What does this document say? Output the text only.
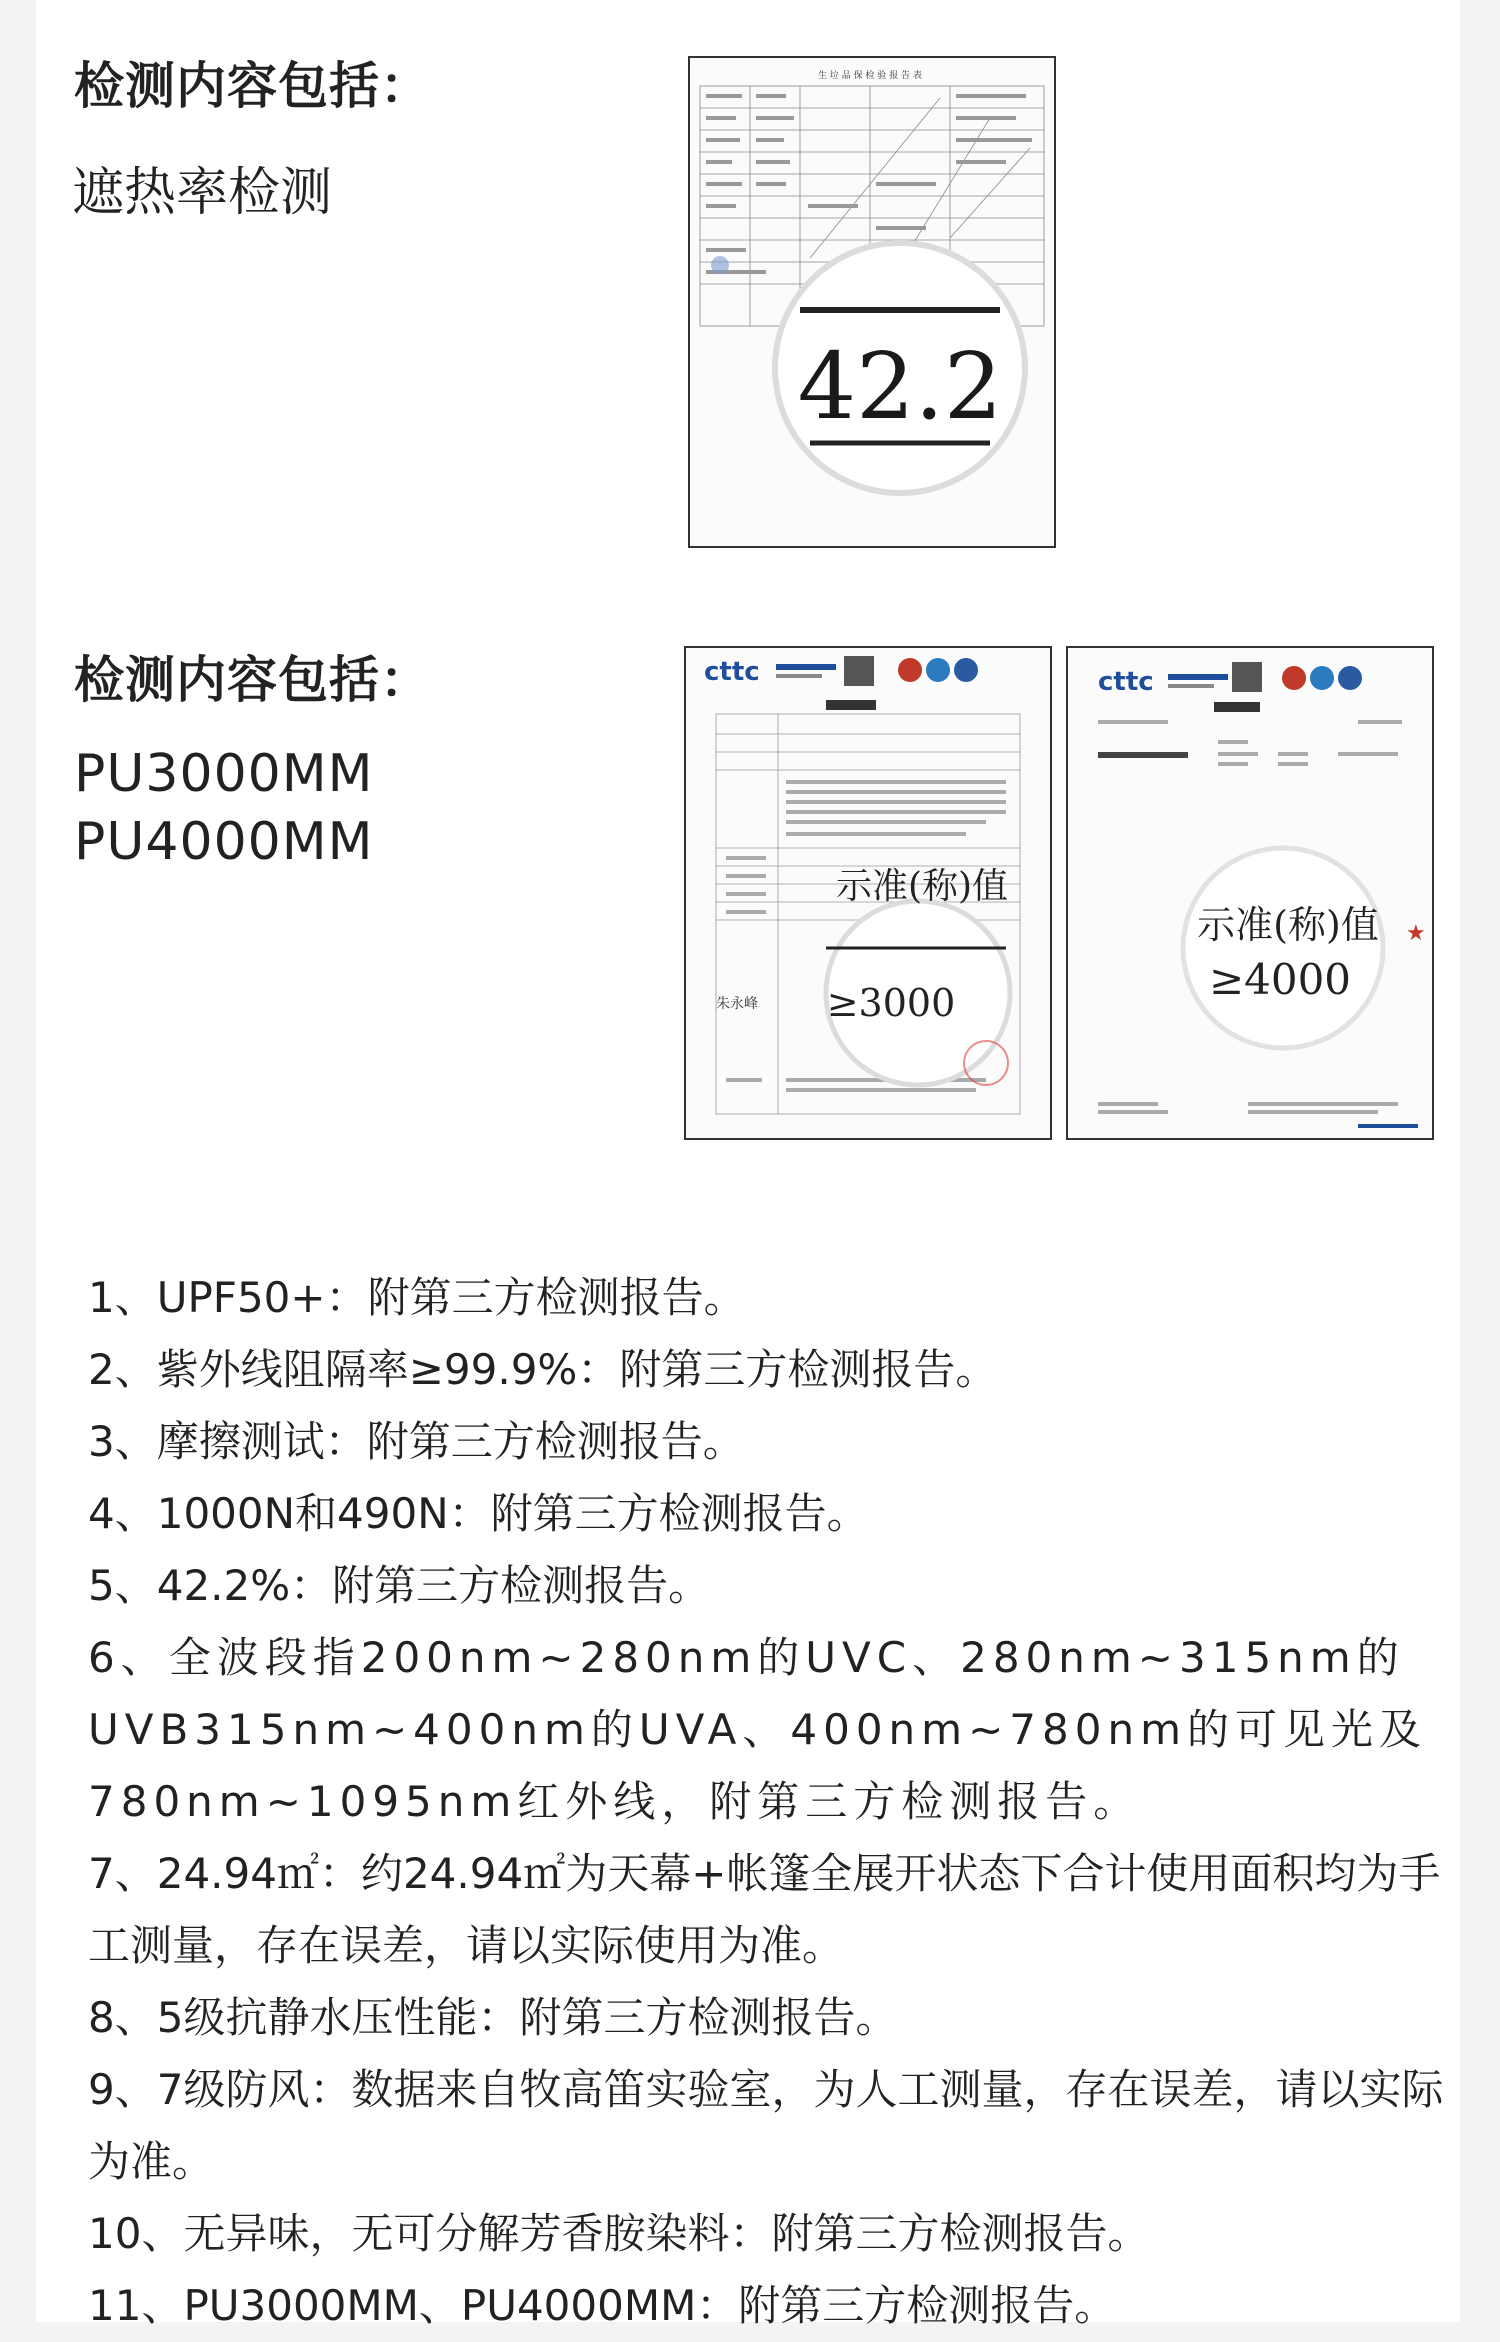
检测内容包括：
遮热率检测
生 垃 品 保 检 验 报 告 表
42.2
检测内容包括：
PU3000MM
PU4000MM
cttc
朱永峰
示准(称)值
≥3000
cttc
示准(称)值
≥4000
★

1、UPF50+：附第三方检测报告。

2、紫外线阻隔率≥99.9%：附第三方检测报告。

3、摩擦测试：附第三方检测报告。

4、1000N和490N：附第三方检测报告。

5、42.2%：附第三方检测报告。

6、全波段指200nm~280nm的UVC、280nm~315nm的UVB315nm~400nm的UVA、400nm~780nm的可见光及780nm~1095nm红外线，附第三方检测报告。

7、24.94㎡：约24.94㎡为天幕+帐篷全展开状态下合计使用面积均为手工测量，存在误差，请以实际使用为准。

8、5级抗静水压性能：附第三方检测报告。

9、7级防风：数据来自牧高笛实验室，为人工测量，存在误差，请以实际为准。

10、无异味，无可分解芳香胺染料：附第三方检测报告。

11、PU3000MM、PU4000MM：附第三方检测报告。
